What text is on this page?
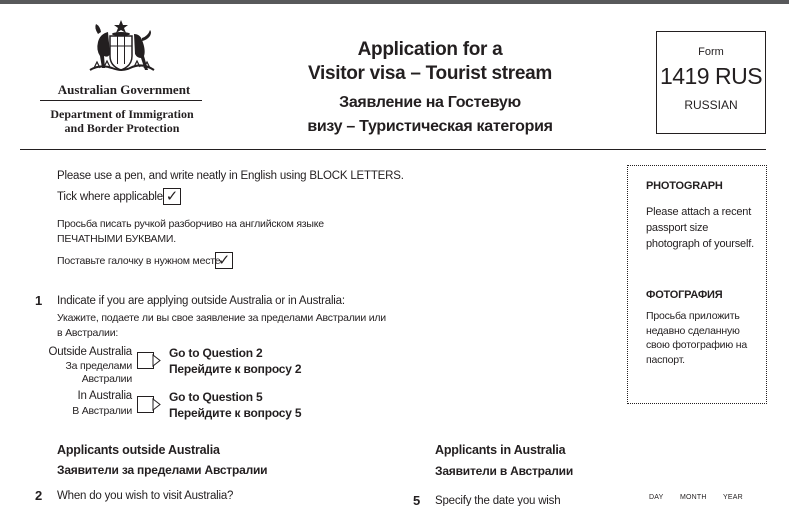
Australian Government
Department of Immigration
and Border Protection
Application for a
Visitor visa – Tourist stream
Заявление на Гостевую
визу – Туристическая категория
Form
1419 RUS
RUSSIAN
Please use a pen, and write neatly in English using BLOCK LETTERS.
Tick where applicable ✓
Просьба писать ручкой разборчиво на английском языке
ПЕЧАТНЫМИ БУКВАМИ.
Поставьте галочку в нужном месте
✓
PHOTOGRAPH
Please attach a recent passport size photograph of yourself.
ФОТОГРАФИЯ
Просьба приложить недавно сделанную свою фотографию на паспорт.
1 Indicate if you are applying outside Australia or in Australia:
Укажите, подаете ли вы свое заявление за пределами Австралии или
в Австралии:
Outside Australia
За пределами
Австралии
Go to Question 2
Перейдите к вопросу 2
In Australia
В Австралии
Go to Question 5
Перейдите к вопросу 5
Applicants outside Australia
Заявители за пределами Австралии
Applicants in Australia
Заявители в Австралии
2 When do you wish to visit Australia?	5 Specify the date you wish	DAY MONTH YEAR
